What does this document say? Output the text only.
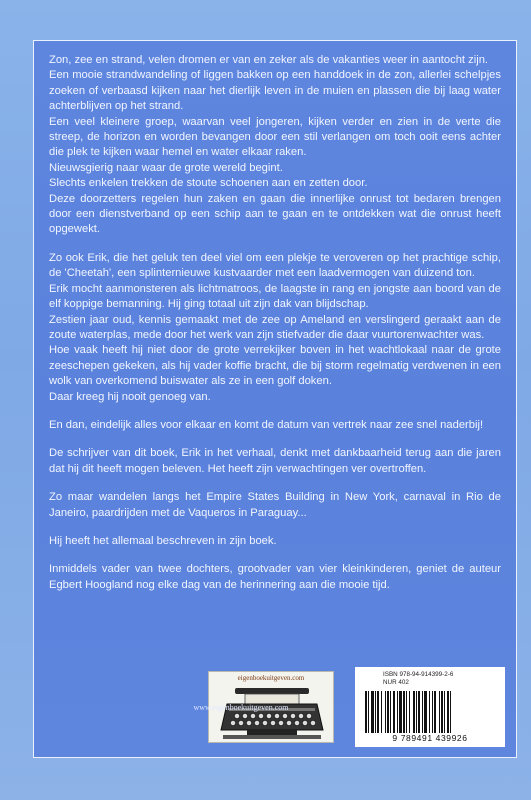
Zon, zee en strand, velen dromen er van en zeker als de vakanties weer in aantocht zijn.

Een mooie strandwandeling of liggen bakken op een handdoek in de zon, allerlei schelpjes zoeken of verbaasd kijken naar het dierlijk leven in de muien en plassen die bij laag water achterblijven op het strand.

Een veel kleinere groep, waarvan veel jongeren, kijken verder en zien in de verte die streep, de horizon en worden bevangen door een stil verlangen om toch ooit eens achter die plek te kijken waar hemel en water elkaar raken.

Nieuwsgierig naar waar de grote wereld begint.

Slechts enkelen trekken de stoute schoenen aan en zetten door.

Deze doorzetters regelen hun zaken en gaan die innerlijke onrust tot bedaren brengen door een dienstverband op een schip aan te gaan en te ontdekken wat die onrust heeft opgewekt.

Zo ook Erik, die het geluk ten deel viel om een plekje te veroveren op het prachtige schip, de 'Cheetah', een splinternieuwe kustvaarder met een laadvermogen van duizend ton.

Erik mocht aanmonsteren als lichtmatroos, de laagste in rang en jongste aan boord van de elf koppige bemanning. Hij ging totaal uit zijn dak van blijdschap.

Zestien jaar oud, kennis gemaakt met de zee op Ameland en verslingerd geraakt aan de zoute waterplas, mede door het werk van zijn stiefvader die daar vuurtorenwachter was.

Hoe vaak heeft hij niet door de grote verrekijker boven in het wachtlokaal naar de grote zeeschepen gekeken, als hij vader koffie bracht, die bij storm regelmatig verdwenen in een wolk van overkomend buiswater als ze in een golf doken.

Daar kreeg hij nooit genoeg van.

En dan, eindelijk alles voor elkaar en komt de datum van vertrek naar zee snel naderbij!

De schrijver van dit boek, Erik in het verhaal, denkt met dankbaarheid terug aan die jaren dat hij dit heeft mogen beleven. Het heeft zijn verwachtingen ver overtroffen.

Zo maar wandelen langs het Empire States Building in New York, carnaval in Rio de Janeiro, paardrijden met de Vaqueros in Paraguay...

Hij heeft het allemaal beschreven in zijn boek.

Inmiddels vader van twee dochters, grootvader van vier kleinkinderen, geniet de auteur Egbert Hoogland nog elke dag van de herinnering aan die mooie tijd.

eigenboekuitgeven.com	ISBN 978-94-914399-2-6
NUR 402
9 789491 439926
www.eigenboekuitgeven.com
